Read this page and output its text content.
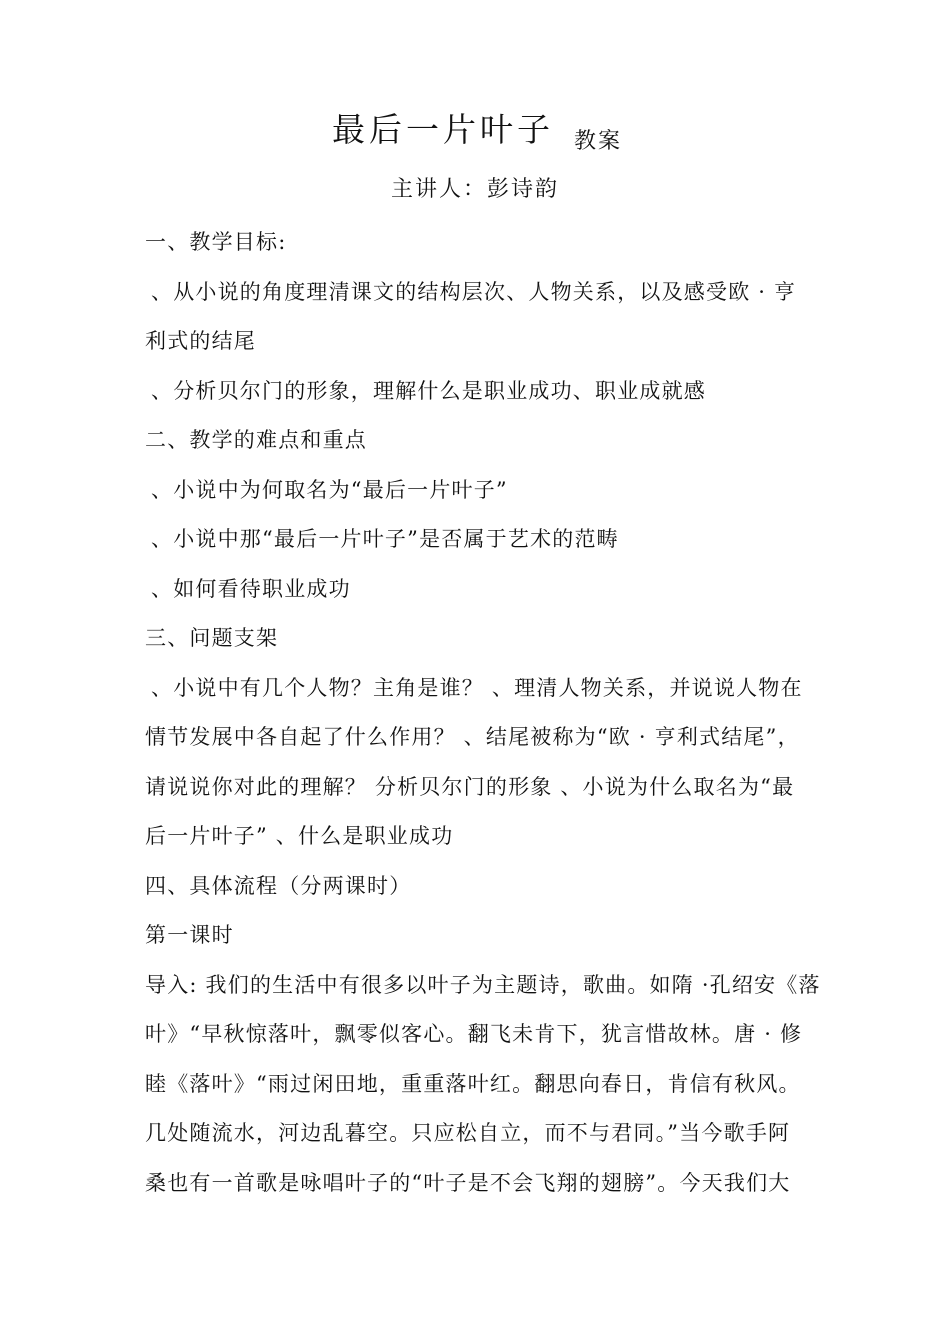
最后一片叶子 教案
主讲人：彭诗韵

一、教学目标:

、从小说的角度理清课文的结构层次、人物关系，以及感受欧 · 亨

利式的结尾

、分析贝尔门的形象，理解什么是职业成功、职业成就感

二、教学的难点和重点

、小说中为何取名为“最后一片叶子”

、小说中那“最后一片叶子”是否属于艺术的范畴

、如何看待职业成功

三、问题支架

、小说中有几个人物？主角是谁？ 、理清人物关系，并说说人物在

情节发展中各自起了什么作用？ 、结尾被称为“欧 · 亨利式结尾”，

请说说你对此的理解？ 分析贝尔门的形象 、小说为什么取名为“最

后一片叶子” 、什么是职业成功

四、具体流程（分两课时）

第一课时

导入: 我们的生活中有很多以叶子为主题诗，歌曲。如隋 ·孔绍安《落

叶》“早秋惊落叶，飘零似客心。翻飞未肯下，犹言惜故林。唐 · 修

睦《落叶》“雨过闲田地，重重落叶红。翻思向春日，肯信有秋风。

几处随流水，河边乱暮空。只应松自立，而不与君同。”当今歌手阿

桑也有一首歌是咏唱叶子的“叶子是不会飞翔的翅膀”。今天我们大
